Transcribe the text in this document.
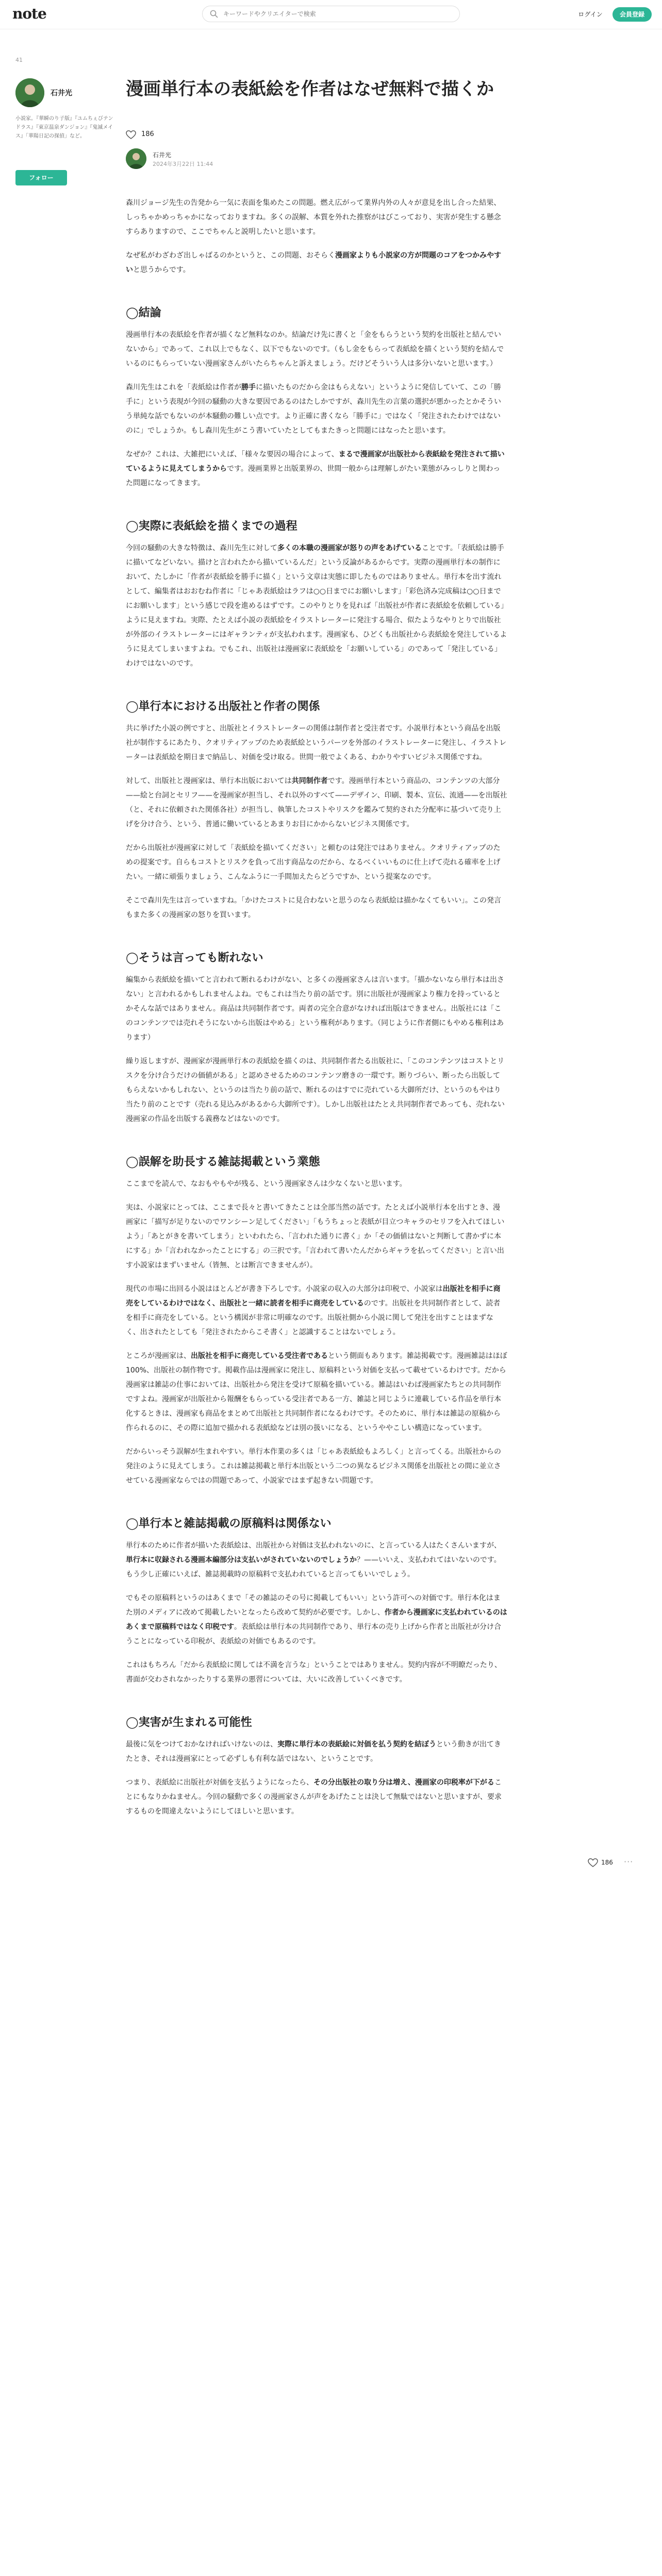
note
キーワードやクリエイターで検索	ログイン	会員登録
41
石井光
小説家。『華瞬のり子版』『ユムちぇびテンドラス』『東京温泉ダンジョン』『鬼滅メイス』「華陽日記の探偵」など。
フォロー
漫画単行本の表紙絵を作者はなぜ無料で描くか
186
石井光
2024年3月22日 11:44

森川ジョージ先生の告発から一気に表面を集めたこの問題。燃え広がって業界内外の人々が意見を出し合った結果、しっちゃかめっちゃかになっておりますね。多くの誤解、本質を外れた推察がはびこっており、実害が発生する懸念すらありますので、ここでちゃんと説明したいと思います。

なぜ私がわざわざ出しゃばるのかというと、この問題、おそらく漫画家よりも小説家の方が問題のコアをつかみやすいと思うからです。

◯結論

漫画単行本の表紙絵を作者が描くなど無料なのか。結論だけ先に書くと「金をもらうという契約を出版社と結んでいないから」であって、これ以上でもなく、以下でもないのです。（もし金をもらって表紙絵を描くという契約を結んでいるのにもらっていない漫画家さんがいたらちゃんと訴えましょう。だけどそういう人は多分いないと思います。）

森川先生はこれを「表紙絵は作者が勝手に描いたものだから金はもらえない」というように発信していて、この「勝手に」という表現が今回の騒動の大きな要因であるのはたしかですが、森川先生の言葉の選択が悪かったとかそういう単純な話でもないのが本騒動の難しい点です。より正確に書くなら「勝手に」ではなく「発注されたわけではないのに」でしょうか。もし森川先生がこう書いていたとしてもまたきっと問題にはなったと思います。

なぜか？これは、大雑把にいえば、「様々な要因の場合によって、まるで漫画家が出版社から表紙絵を発注されて描いているように見えてしまうからです。漫画業界と出版業界の、世間一般からは理解しがたい業態がみっしりと関わった問題になってきます。

◯実際に表紙絵を描くまでの過程

今回の騒動の大きな特徴は、森川先生に対して多くの本職の漫画家が怒りの声をあげていることです。「表紙絵は勝手に描いてなどいない。描けと言われたから描いているんだ」という反論があるからです。実際の漫画単行本の制作において、たしかに「作者が表紙絵を勝手に描く」という文章は実態に即したものではありません。単行本を出す流れとして、編集者はおおむね作者に「じゃあ表紙絵はラフは○○日までにお願いします」「彩色済み完成稿は○○日までにお願いします」という感じで段を進めるはずです。このやりとりを見れば「出版社が作者に表紙絵を依頼している」ように見えますね。実際、たとえば小説の表紙絵をイラストレーターに発注する場合、似たようなやりとりで出版社が外部のイラストレーターにはギャランティが支払われます。漫画家も、ひどくも出版社から表紙絵を発注しているように見えてしまいますよね。でもこれ、出版社は漫画家に表紙絵を「お願いしている」のであって「発注している」わけではないのです。

◯単行本における出版社と作者の関係

共に挙げた小説の例ですと、出版社とイラストレーターの関係は制作者と受注者です。小説単行本という商品を出版社が制作するにあたり、クオリティアップのため表紙絵というパーツを外部のイラストレーターに発注し、イラストレーターは表紙絵を期日まで納品し、対価を受け取る。世間一般でよくある、わかりやすいビジネス関係ですね。

対して、出版社と漫画家は、単行本出版においては共同制作者です。漫画単行本という商品の、コンテンツの大部分——絵と台詞とセリフ——を漫画家が担当し、それ以外のすべて——デザイン、印刷、製本、宣伝、流通——を出版社（と、それに依頼された関係各社）が担当し、執筆したコストやリスクを鑑みて契約された分配率に基づいて売り上げを分け合う、という、普通に働いているとあまりお目にかからないビジネス関係です。

だから出版社が漫画家に対して「表紙絵を描いてください」と頼むのは発注ではありません。クオリティアップのための提案です。自らもコストとリスクを負って出す商品なのだから、なるべくいいものに仕上げて売れる確率を上げたい。一緒に頑張りましょう、こんなふうに一手間加えたらどうですか、という提案なのです。

そこで森川先生は言っていますね。「かけたコストに見合わないと思うのなら表紙絵は描かなくてもいい」。この発言もまた多くの漫画家の怒りを買います。

◯そうは言っても断れない

編集から表紙絵を描いてと言われて断れるわけがない、と多くの漫画家さんは言います。「描かないなら単行本は出さない」と言われるかもしれませんよね。でもこれは当たり前の話です。別に出版社が漫画家より権力を持っているとかそんな話ではありません。商品は共同制作者です。両者の完全合意がなければ出版はできません。出版社には「このコンテンツでは売れそうにないから出版はやめる」という権利があります。（同じように作者側にもやめる権利はあります）

繰り返しますが、漫画家が漫画単行本の表紙絵を描くのは、共同制作者たる出版社に、「このコンテンツはコストとリスクを分け合うだけの価値がある」と認めさせるためのコンテンツ磨きの一環です。断りづらい、断ったら出版してもらえないかもしれない、というのは当たり前の話で、断れるのはすでに売れている大御所だけ、というのもやはり当たり前のことです（売れる見込みがあるから大御所です）。しかし出版社はたとえ共同制作者であっても、売れない漫画家の作品を出版する義務などはないのです。

◯誤解を助長する雑誌掲載という業態

ここまでを読んで、なおもやもやが残る、という漫画家さんは少なくないと思います。

実は、小説家にとっては、ここまで長々と書いてきたことは全部当然の話です。たとえば小説単行本を出すとき、漫画家に「描写が足りないのでワンシーン足してください」「もうちょっと表紙が目立つキャラのセリフを入れてほしいよう」「あとがきを書いてしまう」といわれたら、「言われた通りに書く」か「その価値はないと判断して書かずに本にする」か「言われなかったことにする」の三択です。「言われて書いたんだからギャラを払ってください」と言い出す小説家はまずいません（皆無、とは断言できませんが）。

現代の市場に出回る小説はほとんどが書き下ろしです。小説家の収入の大部分は印税で、小説家は出版社を相手に商売をしているわけではなく、出版社と一緒に読者を相手に商売をしているのです。出版社を共同制作者として、読者を相手に商売をしている。という構図が非常に明確なのです。出版社側から小説に関して発注を出すことはまずなく、出されたとしても「発注されたからこそ書く」と認識することはないでしょう。

ところが漫画家は、出版社を相手に商売している受注者であるという側面もあります。雑誌掲載です。漫画雑誌はほぼ100%、出版社の制作物です。掲載作品は漫画家に発注し、原稿料という対価を支払って載せているわけです。だから漫画家は雑誌の仕事においては、出版社から発注を受けて原稿を描いている。雑誌はいわば漫画家たちとの共同制作ですよね。漫画家が出版社から報酬をもらっている受注者である一方、雑誌と同じように連載している作品を単行本化するときは、漫画家も商品をまとめて出版社と共同制作者になるわけです。そのために、単行本は雑誌の原稿から作られるのに、その際に追加で描かれる表紙絵などは別の扱いになる、というややこしい構造になっています。

だからいっそう誤解が生まれやすい。単行本作業の多くは「じゃあ表紙絵もよろしく」と言ってくる。出版社からの発注のように見えてしまう。これは雑誌掲載と単行本出版という二つの異なるビジネス関係を出版社との間に並立させている漫画家ならではの問題であって、小説家ではまず起きない問題です。

◯単行本と雑誌掲載の原稿料は関係ない

単行本のために作者が描いた表紙絵は、出版社から対価は支払われないのに、と言っている人はたくさんいますが、単行本に収録される漫画本編部分は支払いがされていないのでしょうか？——いいえ、支払われてはいないのです。もう少し正確にいえば、雑誌掲載時の原稿料で支払われていると言ってもいいでしょう。

でもその原稿料というのはあくまで「その雑誌のその号に掲載してもいい」という許可への対価です。単行本化はまた別のメディアに改めて掲載したいとなったら改めて契約が必要です。しかし、作者から漫画家に支払われているのはあくまで原稿料ではなく印税です。表紙絵は単行本の共同制作であり、単行本の売り上げから作者と出版社が分け合うことになっている印税が、表紙絵の対価でもあるのです。

これはもちろん「だから表紙絵に関しては不満を言うな」ということではありません。契約内容が不明瞭だったり、書面が交わされなかったりする業界の悪習については、大いに改善していくべきです。

◯実害が生まれる可能性

最後に気をつけておかなければいけないのは、実際に単行本の表紙絵に対価を払う契約を結ぼうという動きが出てきたとき、それは漫画家にとって必ずしも有利な話ではない、ということです。

つまり、表紙絵に出版社が対価を支払うようになったら、その分出版社の取り分は増え、漫画家の印税率が下がることにもなりかねません。今回の騒動で多くの漫画家さんが声をあげたことは決して無駄ではないと思いますが、要求するものを間違えないようにしてほしいと思います。

186 ···
